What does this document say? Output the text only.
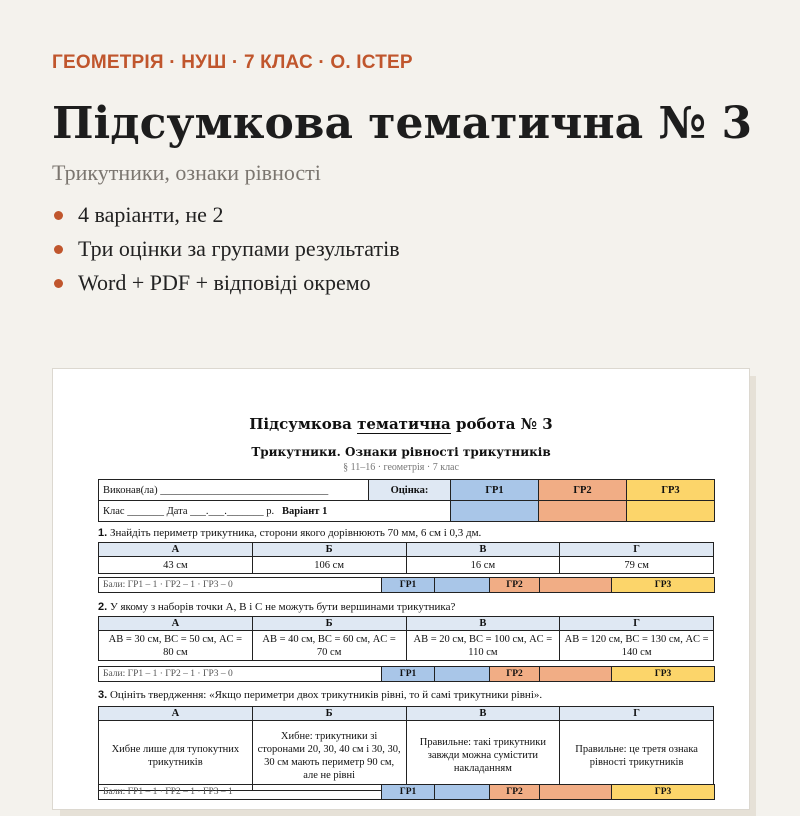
ГЕОМЕТРІЯ · НУШ · 7 КЛАС · О. ІСТЕР
Підсумкова тематична № 3
Трикутники, ознаки рівності
4 варіанти, не 2
Три оцінки за групами результатів
Word + PDF + відповіді окремо
Підсумкова тематична робота № 3
Трикутники. Ознаки рівності трикутників
§ 11–16 · геометрія · 7 клас
Виконав(ла) ________________________________	Оцінка:	ГР1	ГР2	ГР3
Клас _______ Дата ___.___._______ р. Варіант 1				
1. Знайдіть периметр трикутника, сторони якого дорівнюють 70 мм, 6 см і 0,3 дм.
А	Б	В	Г
43 см	106 см	16 см	79 см
Бали: ГР1 – 1 · ГР2 – 1 · ГР3 – 0	ГР1		ГР2		ГР3
2. У якому з наборів точки A, B і C не можуть бути вершинами трикутника?
А	Б	В	Г
AB = 30 см, BC = 50 см, AC = 80 см	AB = 40 см, BC = 60 см, AC = 70 см	AB = 20 см, BC = 100 см, AC = 110 см	AB = 120 см, BC = 130 см, AC = 140 см
Бали: ГР1 – 1 · ГР2 – 1 · ГР3 – 0	ГР1		ГР2		ГР3
3. Оцініть твердження: «Якщо периметри двох трикутників рівні, то й самі трикутники рівні».
А	Б	В	Г
Хибне лише для тупокутних трикутників	Хибне: трикутники зі сторонами 20, 30, 40 см і 30, 30, 30 см мають периметр 90 см, але не рівні	Правильне: такі трикутники завжди можна сумістити накладанням	Правильне: це третя ознака рівності трикутників
Бали: ГР1 – 1 · ГР2 – 1 · ГР3 – 1	ГР1		ГР2		ГР3
